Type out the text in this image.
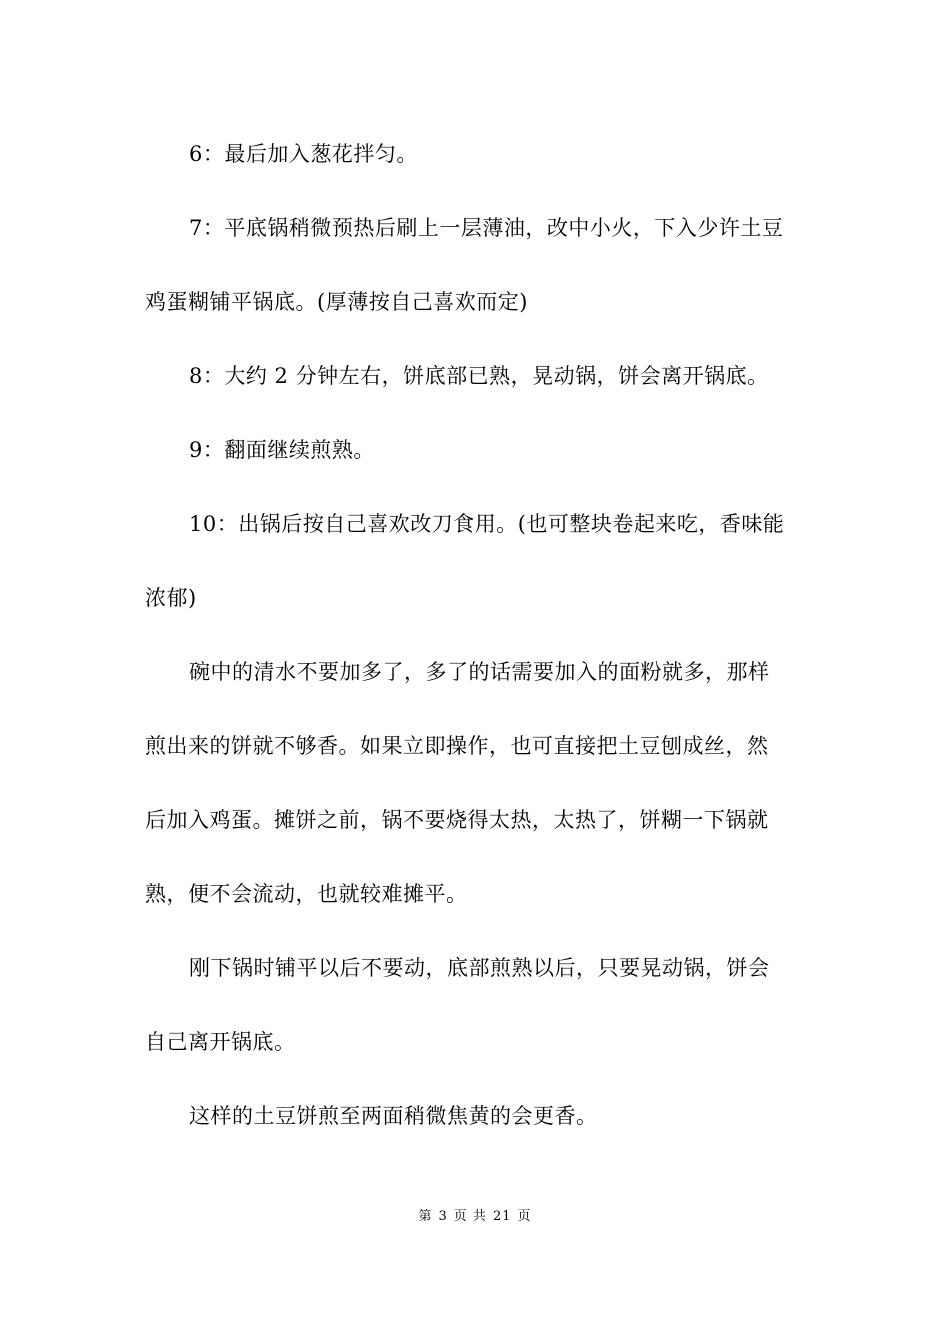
6：最后加入葱花拌匀。
7：平底锅稍微预热后刷上一层薄油，改中小火，下入少许土豆
鸡蛋糊铺平锅底。(厚薄按自己喜欢而定)
8：大约 2 分钟左右，饼底部已熟，晃动锅，饼会离开锅底。
9：翻面继续煎熟。
10：出锅后按自己喜欢改刀食用。(也可整块卷起来吃，香味能
浓郁)
碗中的清水不要加多了，多了的话需要加入的面粉就多，那样
煎出来的饼就不够香。如果立即操作，也可直接把土豆刨成丝，然
后加入鸡蛋。摊饼之前，锅不要烧得太热，太热了，饼糊一下锅就
熟，便不会流动，也就较难摊平。
刚下锅时铺平以后不要动，底部煎熟以后，只要晃动锅，饼会
自己离开锅底。
这样的土豆饼煎至两面稍微焦黄的会更香。
第 3 页 共 21 页
